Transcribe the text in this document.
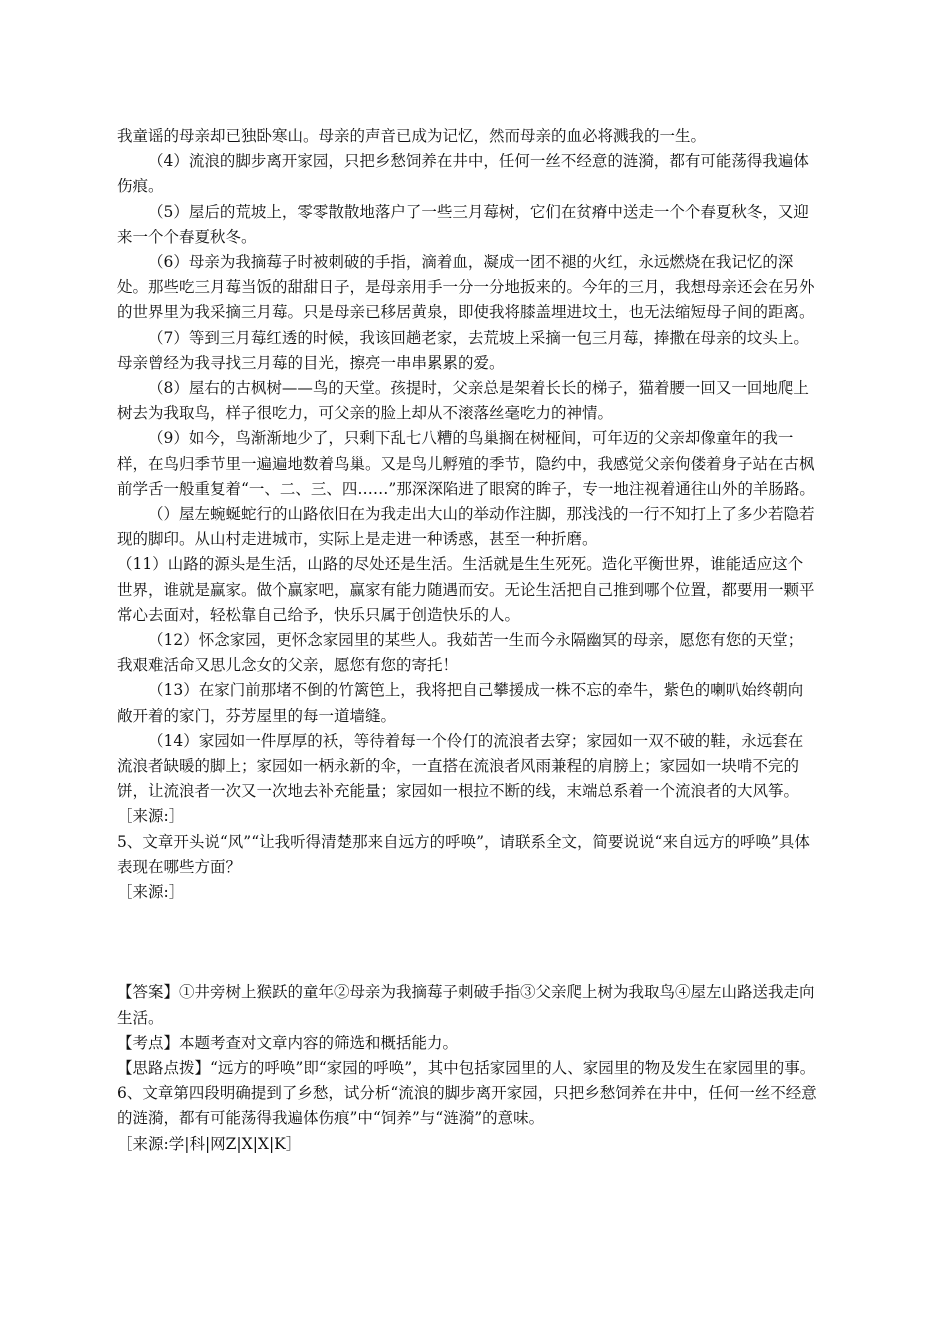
我童谣的母亲却已独卧寒山。母亲的声音已成为记忆，然而母亲的血必将溅我的一生。

（4）流浪的脚步离开家园，只把乡愁饲养在井中，任何一丝不经意的涟漪，都有可能荡得我遍体伤痕。

（5）屋后的荒坡上，零零散散地落户了一些三月莓树，它们在贫瘠中送走一个个春夏秋冬，又迎来一个个春夏秋冬。

（6）母亲为我摘莓子时被刺破的手指，滴着血，凝成一团不褪的火红，永远燃烧在我记忆的深处。那些吃三月莓当饭的甜甜日子，是母亲用手一分一分地扳来的。今年的三月，我想母亲还会在另外的世界里为我采摘三月莓。只是母亲已移居黄泉，即使我将膝盖埋进坟土，也无法缩短母子间的距离。

（7）等到三月莓红透的时候，我该回趟老家，去荒坡上采摘一包三月莓，捧撒在母亲的坟头上。母亲曾经为我寻找三月莓的目光，擦亮一串串累累的爱。

（8）屋右的古枫树——鸟的天堂。孩提时，父亲总是架着长长的梯子，猫着腰一回又一回地爬上树去为我取鸟，样子很吃力，可父亲的脸上却从不滚落丝毫吃力的神情。

（9）如今，鸟渐渐地少了，只剩下乱七八糟的鸟巢搁在树桠间，可年迈的父亲却像童年的我一样，在鸟归季节里一遍遍地数着鸟巢。又是鸟儿孵殖的季节，隐约中，我感觉父亲佝偻着身子站在古枫前学舌一般重复着“一、二、三、四……”那深深陷进了眼窝的眸子，专一地注视着通往山外的羊肠路。

（）屋左蜿蜒蛇行的山路依旧在为我走出大山的举动作注脚，那浅浅的一行不知打上了多少若隐若现的脚印。从山村走进城市，实际上是走进一种诱惑，甚至一种折磨。

（11）山路的源头是生活，山路的尽处还是生活。生活就是生生死死。造化平衡世界，谁能适应这个世界，谁就是赢家。做个赢家吧，赢家有能力随遇而安。无论生活把自己推到哪个位置，都要用一颗平常心去面对，轻松靠自己给予，快乐只属于创造快乐的人。

（12）怀念家园，更怀念家园里的某些人。我茹苦一生而今永隔幽冥的母亲，愿您有您的天堂；我艰难活命又思儿念女的父亲，愿您有您的寄托！

（13）在家门前那堵不倒的竹篱笆上，我将把自己攀援成一株不忘的牵牛，紫色的喇叭始终朝向敞开着的家门，芬芳屋里的每一道墙缝。

（14）家园如一件厚厚的袄，等待着每一个伶仃的流浪者去穿；家园如一双不破的鞋，永远套在流浪者缺暖的脚上；家园如一柄永新的伞，一直搭在流浪者风雨兼程的肩膀上；家园如一块啃不完的饼，让流浪者一次又一次地去补充能量；家园如一根拉不断的线，末端总系着一个流浪者的大风筝。［来源:］

5、文章开头说“风”“让我听得清楚那来自远方的呼唤”，请联系全文，简要说说“来自远方的呼唤”具体表现在哪些方面？

［来源:］

【答案】①井旁树上猴跃的童年②母亲为我摘莓子刺破手指③父亲爬上树为我取鸟④屋左山路送我走向生活。

【考点】本题考查对文章内容的筛选和概括能力。

【思路点拨】“远方的呼唤”即“家园的呼唤”，其中包括家园里的人、家园里的物及发生在家园里的事。

6、文章第四段明确提到了乡愁，试分析“流浪的脚步离开家园，只把乡愁饲养在井中，任何一丝不经意的涟漪，都有可能荡得我遍体伤痕”中“饲养”与“涟漪”的意味。

［来源:学|科|网Z|X|X|K］
